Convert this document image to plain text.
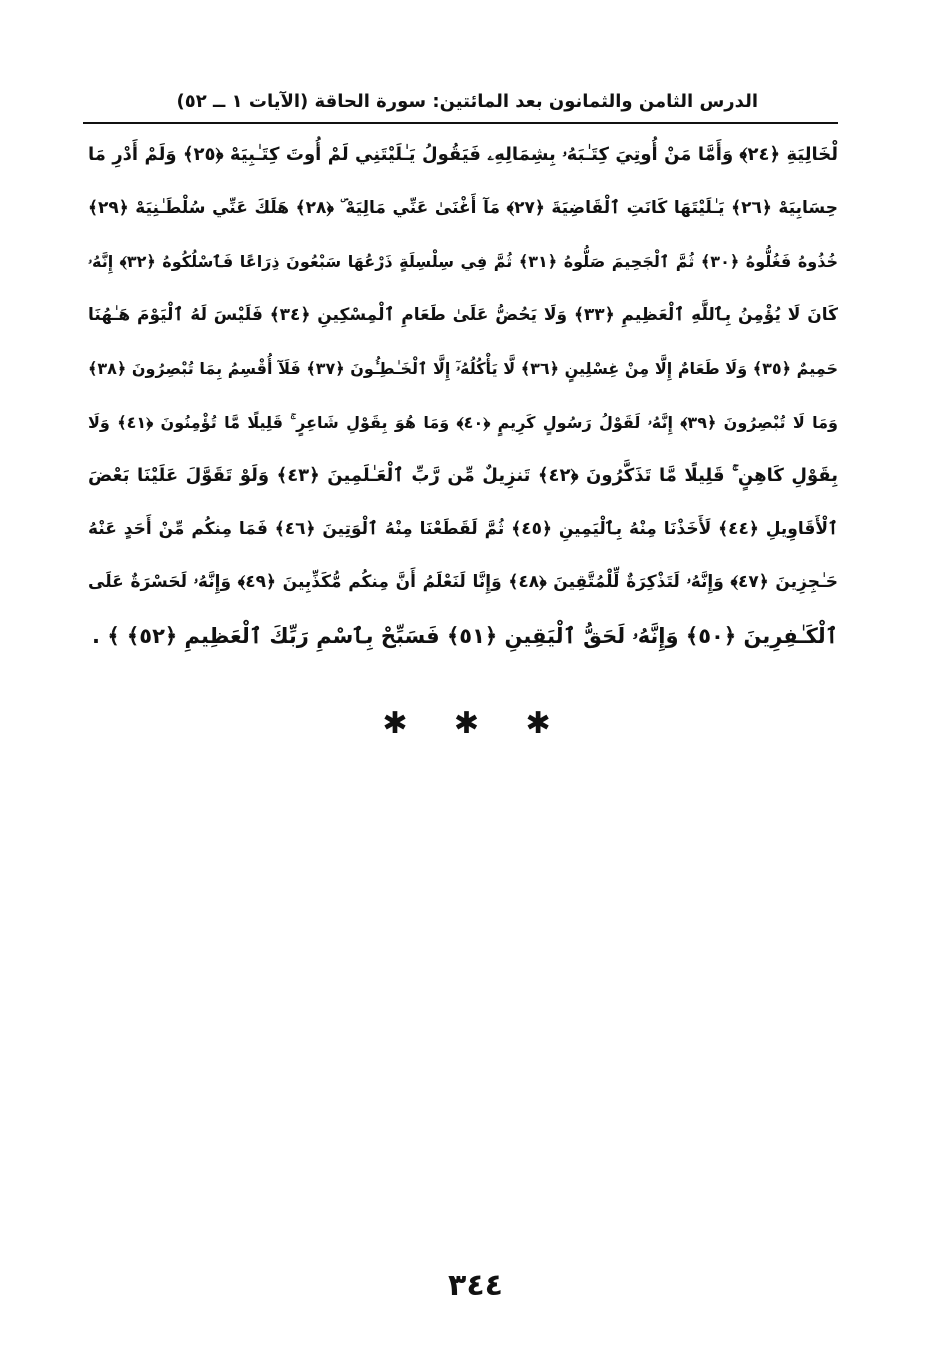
الدرس الثامن والثمانون بعد المائتين: سورة الحاقة (الآيات ١ ــ ٥٢)
لْخَالِيَةِ ﴿٢٤﴾ وَأَمَّا مَنْ أُوتِيَ كِتَـٰبَهُۥ بِشِمَالِهِۦ فَيَقُولُ يَـٰلَيْتَنِي لَمْ أُوتَ كِتَـٰبِيَهْ ﴿٢٥﴾ وَلَمْ أَدْرِ مَا
حِسَابِيَهْ ﴿٢٦﴾ يَـٰلَيْتَهَا كَانَتِ ٱلْقَاضِيَةَ ﴿٢٧﴾ مَآ أَغْنَىٰ عَنِّي مَالِيَهْ ۜ ﴿٢٨﴾ هَلَكَ عَنِّي سُلْطَـٰنِيَهْ ﴿٢٩﴾
خُذُوهُ فَغُلُّوهُ ﴿٣٠﴾ ثُمَّ ٱلْجَحِيمَ صَلُّوهُ ﴿٣١﴾ ثُمَّ فِي سِلْسِلَةٍ ذَرْعُهَا سَبْعُونَ ذِرَاعًا فَٱسْلُكُوهُ ﴿٣٢﴾ إِنَّهُۥ
كَانَ لَا يُؤْمِنُ بِٱللَّهِ ٱلْعَظِيمِ ﴿٣٣﴾ وَلَا يَحُضُّ عَلَىٰ طَعَامِ ٱلْمِسْكِينِ ﴿٣٤﴾ فَلَيْسَ لَهُ ٱلْيَوْمَ هَـٰهُنَا
حَمِيمٌ ﴿٣٥﴾ وَلَا طَعَامٌ إِلَّا مِنْ غِسْلِينٍ ﴿٣٦﴾ لَّا يَأْكُلُهُۥٓ إِلَّا ٱلْخَـٰطِـُٔونَ ﴿٣٧﴾ فَلَآ أُقْسِمُ بِمَا تُبْصِرُونَ ﴿٣٨﴾
وَمَا لَا تُبْصِرُونَ ﴿٣٩﴾ إِنَّهُۥ لَقَوْلُ رَسُولٍ كَرِيمٍ ﴿٤٠﴾ وَمَا هُوَ بِقَوْلِ شَاعِرٍ ۚ قَلِيلًا مَّا تُؤْمِنُونَ ﴿٤١﴾ وَلَا
بِقَوْلِ كَاهِنٍ ۚ قَلِيلًا مَّا تَذَكَّرُونَ ﴿٤٢﴾ تَنزِيلٌ مِّن رَّبِّ ٱلْعَـٰلَمِينَ ﴿٤٣﴾ وَلَوْ تَقَوَّلَ عَلَيْنَا بَعْضَ
ٱلْأَقَاوِيلِ ﴿٤٤﴾ لَأَخَذْنَا مِنْهُ بِٱلْيَمِينِ ﴿٤٥﴾ ثُمَّ لَقَطَعْنَا مِنْهُ ٱلْوَتِينَ ﴿٤٦﴾ فَمَا مِنكُم مِّنْ أَحَدٍ عَنْهُ
حَـٰجِزِينَ ﴿٤٧﴾ وَإِنَّهُۥ لَتَذْكِرَةٌ لِّلْمُتَّقِينَ ﴿٤٨﴾ وَإِنَّا لَنَعْلَمُ أَنَّ مِنكُم مُّكَذِّبِينَ ﴿٤٩﴾ وَإِنَّهُۥ لَحَسْرَةٌ عَلَى
ٱلْكَـٰفِرِينَ ﴿٥٠﴾ وَإِنَّهُۥ لَحَقُّ ٱلْيَقِينِ ﴿٥١﴾ فَسَبِّحْ بِٱسْمِ رَبِّكَ ٱلْعَظِيمِ ﴿٥٢﴾ ﴾ .
✱ ✱ ✱
٣٤٤
